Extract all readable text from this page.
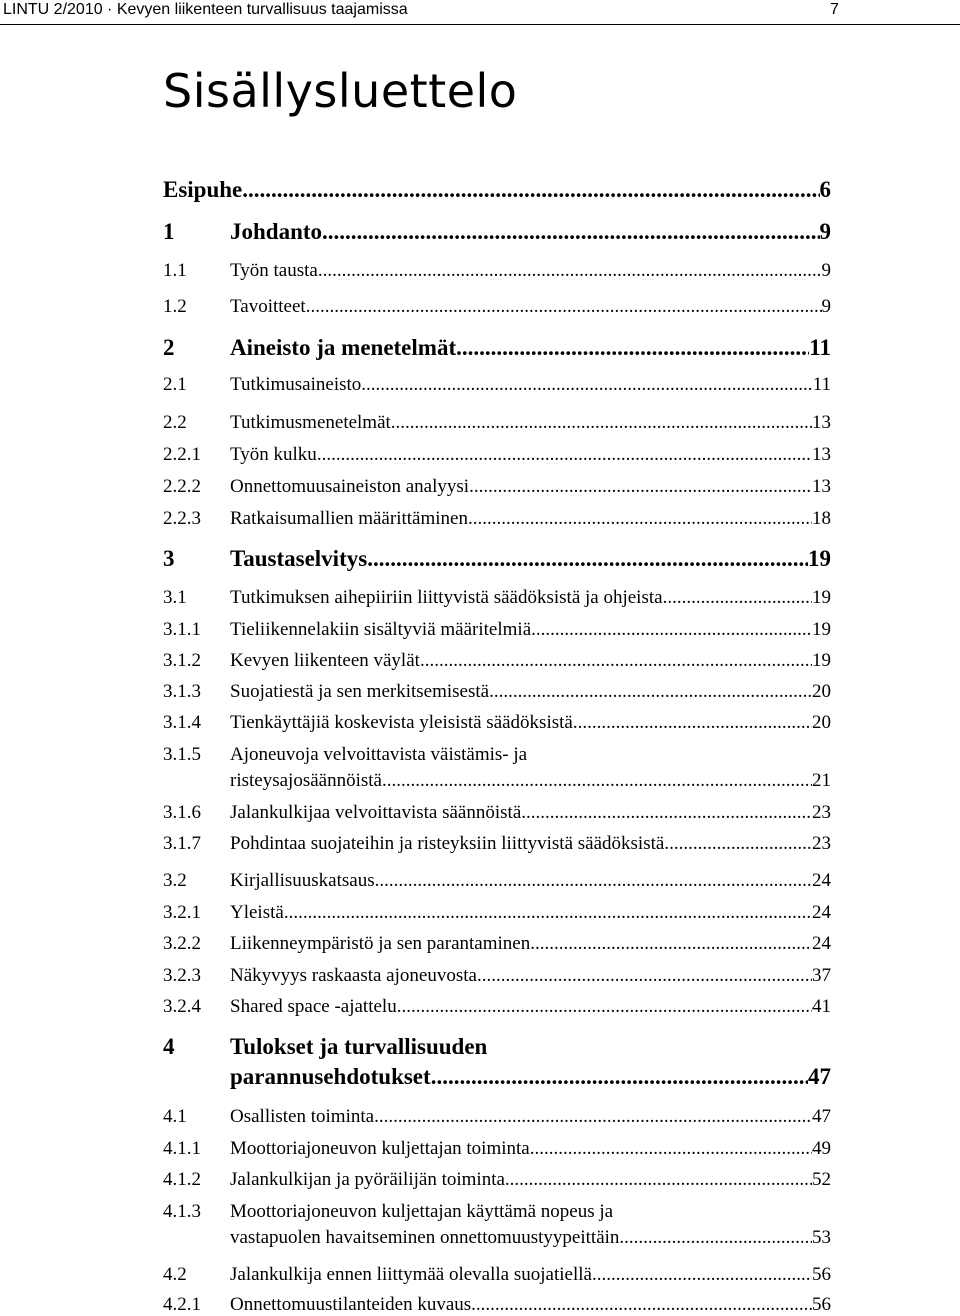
LINTU 2/2010 · Kevyen liikenteen turvallisuus taajamissa	7
Sisällysluettelo
Esipuhe .....	6
1	Johdanto .....	9
1.1	Työn tausta .....	9
1.2	Tavoitteet .....	9
2	Aineisto ja menetelmät .....	11
2.1	Tutkimusaineisto .....	11
2.2	Tutkimusmenetelmät .....	13
2.2.1	Työn kulku .....	13
2.2.2	Onnettomuusaineiston analyysi .....	13
2.2.3	Ratkaisumallien määrittäminen .....	18
3	Taustaselvitys .....	19
3.1	Tutkimuksen aihepiiriin liittyvistä säädöksistä ja ohjeista .....	19
3.1.1	Tieliikennelakiin sisältyviä määritelmiä .....	19
3.1.2	Kevyen liikenteen väylät .....	19
3.1.3	Suojatiestä ja sen merkitsemisestä .....	20
3.1.4	Tienkäyttäjiä koskevista yleisistä säädöksistä .....	20
3.1.5	Ajoneuvoja velvoittavista väistämis- ja
risteysajosäännöistä .....	21
3.1.6	Jalankulkijaa velvoittavista säännöistä .....	23
3.1.7	Pohdintaa suojateihin ja risteyksiin liittyvistä säädöksistä .....	23
3.2	Kirjallisuuskatsaus .....	24
3.2.1	Yleistä .....	24
3.2.2	Liikenneympäristö ja sen parantaminen .....	24
3.2.3	Näkyvyys raskaasta ajoneuvosta .....	37
3.2.4	Shared space -ajattelu .....	41
4	Tulokset ja turvallisuuden
parannusehdotukset .....	47
4.1	Osallisten toiminta .....	47
4.1.1	Moottoriajoneuvon kuljettajan toiminta .....	49
4.1.2	Jalankulkijan ja pyöräilijän toiminta .....	52
4.1.3	Moottoriajoneuvon kuljettajan käyttämä nopeus ja
vastapuolen havaitseminen onnettomuustyypeittäin .....	53
4.2	Jalankulkija ennen liittymää olevalla suojatiellä .....	56
4.2.1	Onnettomuustilanteiden kuvaus .....	56
